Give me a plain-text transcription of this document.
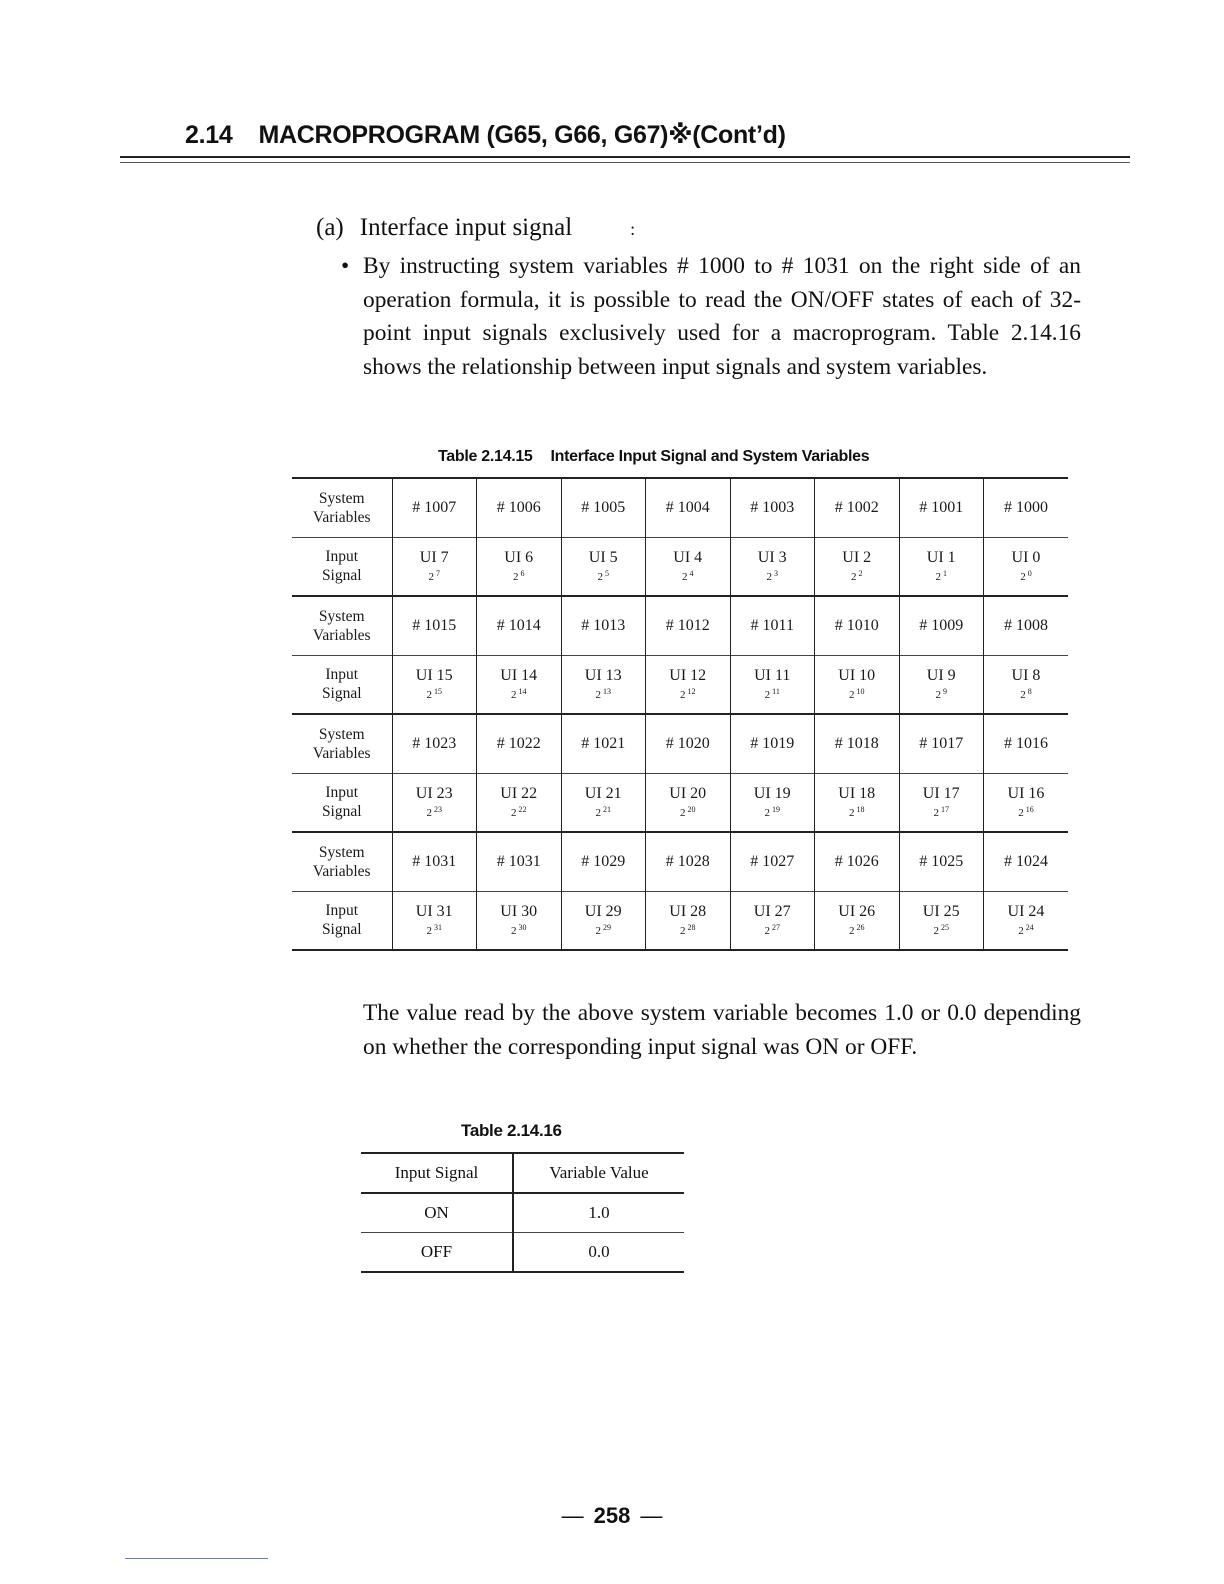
2.14 MACROPROGRAM (G65, G66, G67)※(Cont’d)
(a) Interface input signal	:
• By instructing system variables # 1000 to # 1031 on the right side of an operation formula, it is possible to read the ON/OFF states of each of 32-point input signals exclusively used for a macroprogram. Table 2.14.16 shows the relationship between input signals and system variables.

Table 2.14.15 Interface Input Signal and System Variables
System
Variables	# 1007	# 1006	# 1005	# 1004	# 1003	# 1002	# 1001	# 1000

Input
Signal	UI 7
2 $^7$	UI 6
2 $^6$	UI 5
2 $^5$	UI 4
2 $^4$	UI 3
2 $^3$	UI 2
2 $^2$	UI 1
2 $^1$	UI 0
2 $^0$

System
Variables	# 1015	# 1014	# 1013	# 1012	# 1011	# 1010	# 1009	# 1008

Input
Signal	UI 15
2 $^{15}$	UI 14
2 $^{14}$	UI 13
2 $^{13}$	UI 12
2 $^{12}$	UI 11
2 $^{11}$	UI 10
2 $^{10}$	UI 9
2 $^9$	UI 8
2 $^8$

System
Variables	# 1023	# 1022	# 1021	# 1020	# 1019	# 1018	# 1017	# 1016

Input
Signal	UI 23
2 $^{23}$	UI 22
2 $^{22}$	UI 21
2 $^{21}$	UI 20
2 $^{20}$	UI 19
2 $^{19}$	UI 18
2 $^{18}$	UI 17
2 $^{17}$	UI 16
2 $^{16}$

System
Variables	# 1031	# 1031	# 1029	# 1028	# 1027	# 1026	# 1025	# 1024

Input
Signal	UI 31
2 $^{31}$	UI 30
2 $^{30}$	UI 29
2 $^{29}$	UI 28
2 $^{28}$	UI 27
2 $^{27}$	UI 26
2 $^{26}$	UI 25
2 $^{25}$	UI 24
2 $^{24}$

The value read by the above system variable becomes 1.0 or 0.0 depending on whether the corresponding input signal was ON or OFF.

Table 2.14.16
Input Signal	Variable Value
ON	1.0
OFF	0.0
— 258 —
